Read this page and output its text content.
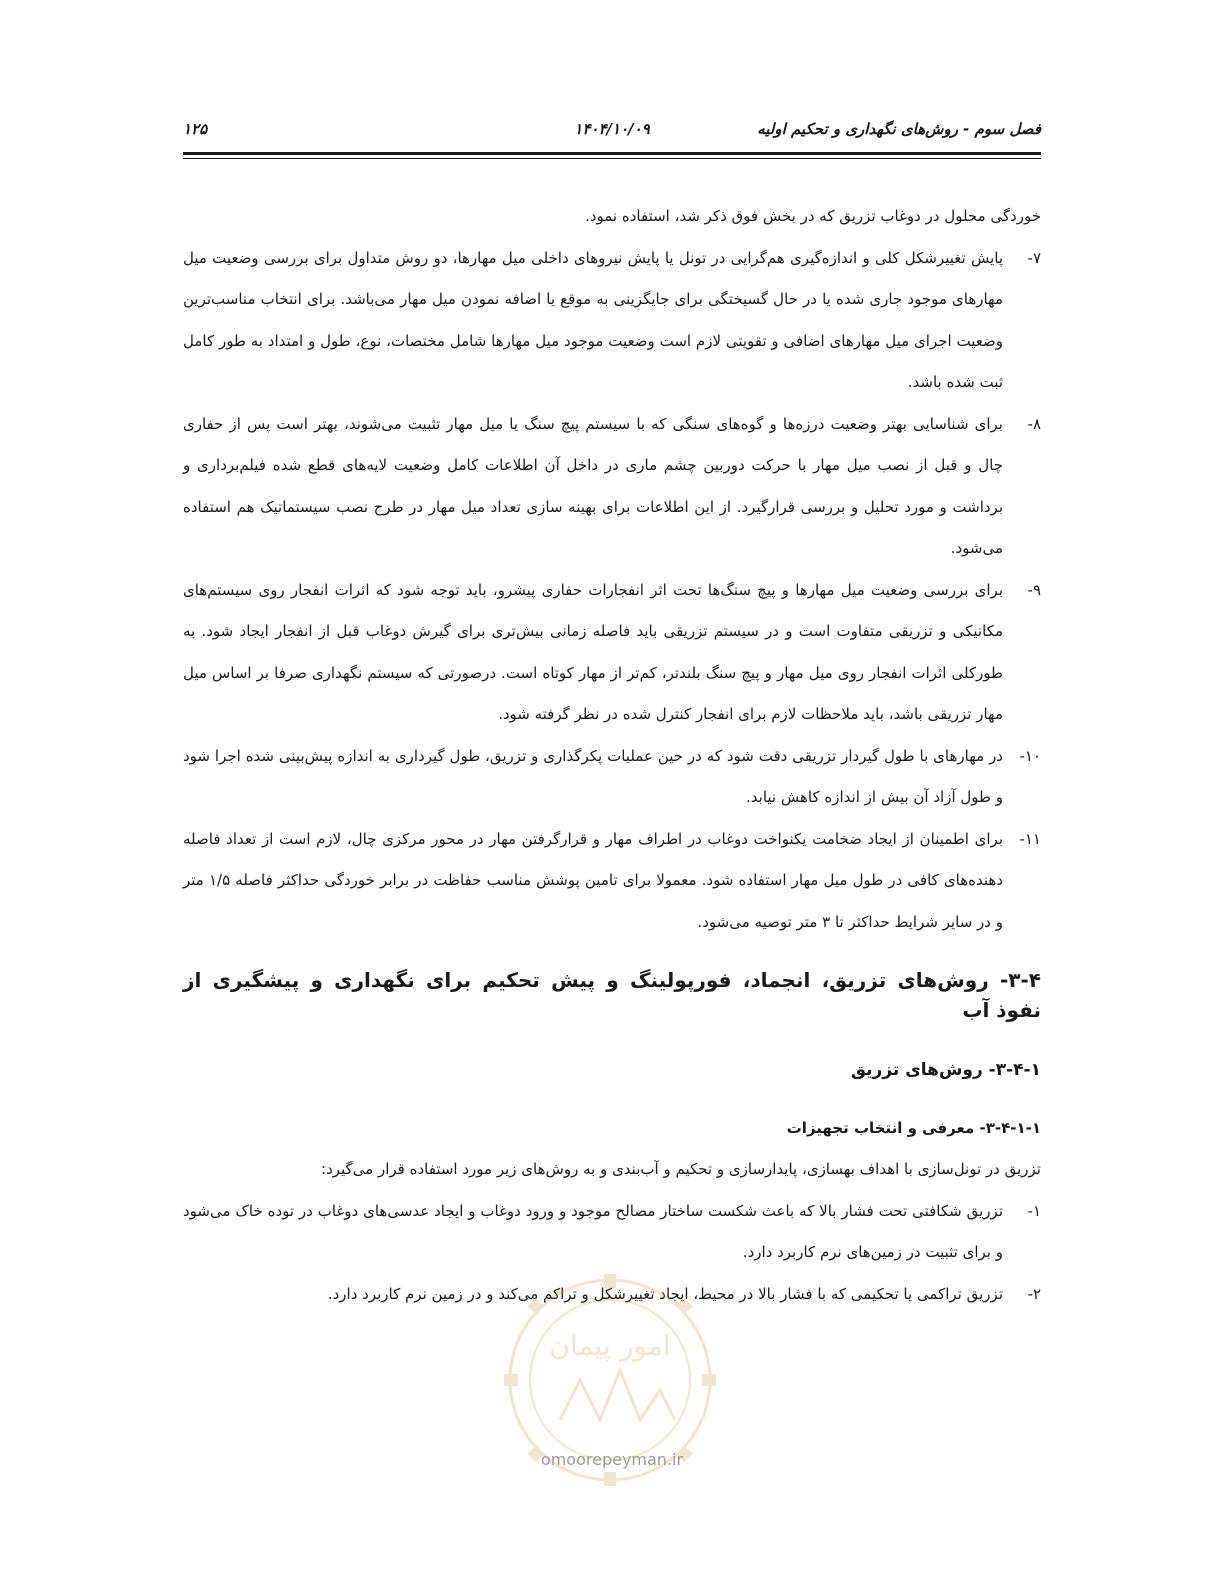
فصل سوم - روش‌های نگهداری و تحکیم اولیه
۱۴۰۴/۱۰/۰۹
۱۲۵

خوردگی محلول در دوغاب تزریق که در بخش فوق ذکر شد، استفاده نمود.

۷-
پایش تغییرشکل کلی و اندازه‌گیری هم‌گرایی در تونل یا پایش نیروهای داخلی میل مهارها، دو روش متداول برای بررسی وضعیت میل مهارهای موجود جاری شده یا در حال گسیختگی برای جایگزینی به موقع یا اضافه نمودن میل مهار می‌باشد. برای انتخاب مناسب‌ترین وضعیت اجرای میل مهارهای اضافی و تقویتی لازم است وضعیت موجود میل مهارها شامل مختصات، نوع، طول و امتداد به طور کامل ثبت شده باشد.
۸-
برای شناسایی بهتر وضعیت درزه‌ها و گوه‌های سنگی که با سیستم پیچ سنگ یا میل مهار تثبیت می‌شوند، بهتر است پس از حفاری چال و قبل از نصب میل مهار با حرکت دوربین چشم ماری در داخل آن اطلاعات کامل وضعیت لایه‌های قطع شده فیلم‌برداری و برداشت و مورد تحلیل و بررسی قرارگیرد. از این اطلاعات برای بهینه سازی تعداد میل مهار در طرح نصب سیستماتیک هم استفاده می‌شود.
۹-
برای بررسی وضعیت میل مهارها و پیچ سنگ‌ها تحت اثر انفجارات حفاری پیشرو، باید توجه شود که اثرات انفجار روی سیستم‌های مکانیکی و تزریقی متفاوت است و در سیستم تزریقی باید فاصله زمانی بیش‌تری برای گیرش دوغاب قبل از انفجار ایجاد شود. به طورکلی اثرات انفجار روی میل مهار و پیچ سنگ بلندتر، کم‌تر از مهار کوتاه است. درصورتی که سیستم نگهداری صرفا بر اساس میل مهار تزریقی باشد، باید ملاحظات لازم برای انفجار کنترل شده در نظر گرفته شود.
۱۰-
در مهارهای با طول گیردار تزریقی دقت شود که در حین عملیات پکرگذاری و تزریق، طول گیرداری به اندازه پیش‌بینی شده اجرا شود و طول آزاد آن بیش از اندازه کاهش نیابد.
۱۱-
برای اطمینان از ایجاد ضخامت یکنواخت دوغاب در اطراف مهار و قرارگرفتن مهار در محور مرکزی چال، لازم است از تعداد فاصله دهنده‌های کافی در طول میل مهار استفاده شود. معمولا برای تامین پوشش مناسب حفاظت در برابر خوردگی حداکثر فاصله ۱/۵ متر و در سایر شرایط حداکثر تا ۳ متر توصیه می‌شود.
۳-۴- روش‌های تزریق، انجماد، فورپولینگ و پیش تحکیم برای نگهداری و پیشگیری از نفوذ آب
۳-۴-۱- روش‌های تزریق
۳-۴-۱-۱- معرفی و انتخاب تجهیزات

تزریق در تونل‌سازی با اهداف بهسازی، پایدارسازی و تحکیم و آب‌بندی و به روش‌های زیر مورد استفاده قرار می‌گیرد:

۱-
تزریق شکافتی تحت فشار بالا که باعث شکست ساختار مصالح موجود و ورود دوغاب و ایجاد عدسی‌های دوغاب در توده خاک می‌شود و برای تثبیت در زمین‌های نرم کاربرد دارد.
۲-
تزریق تراکمی یا تحکیمی که با فشار بالا در محیط، ایجاد تغییرشکل و تراکم می‌کند و در زمین نرم کاربرد دارد.
امور پیمان
omoorepeyman.ir
